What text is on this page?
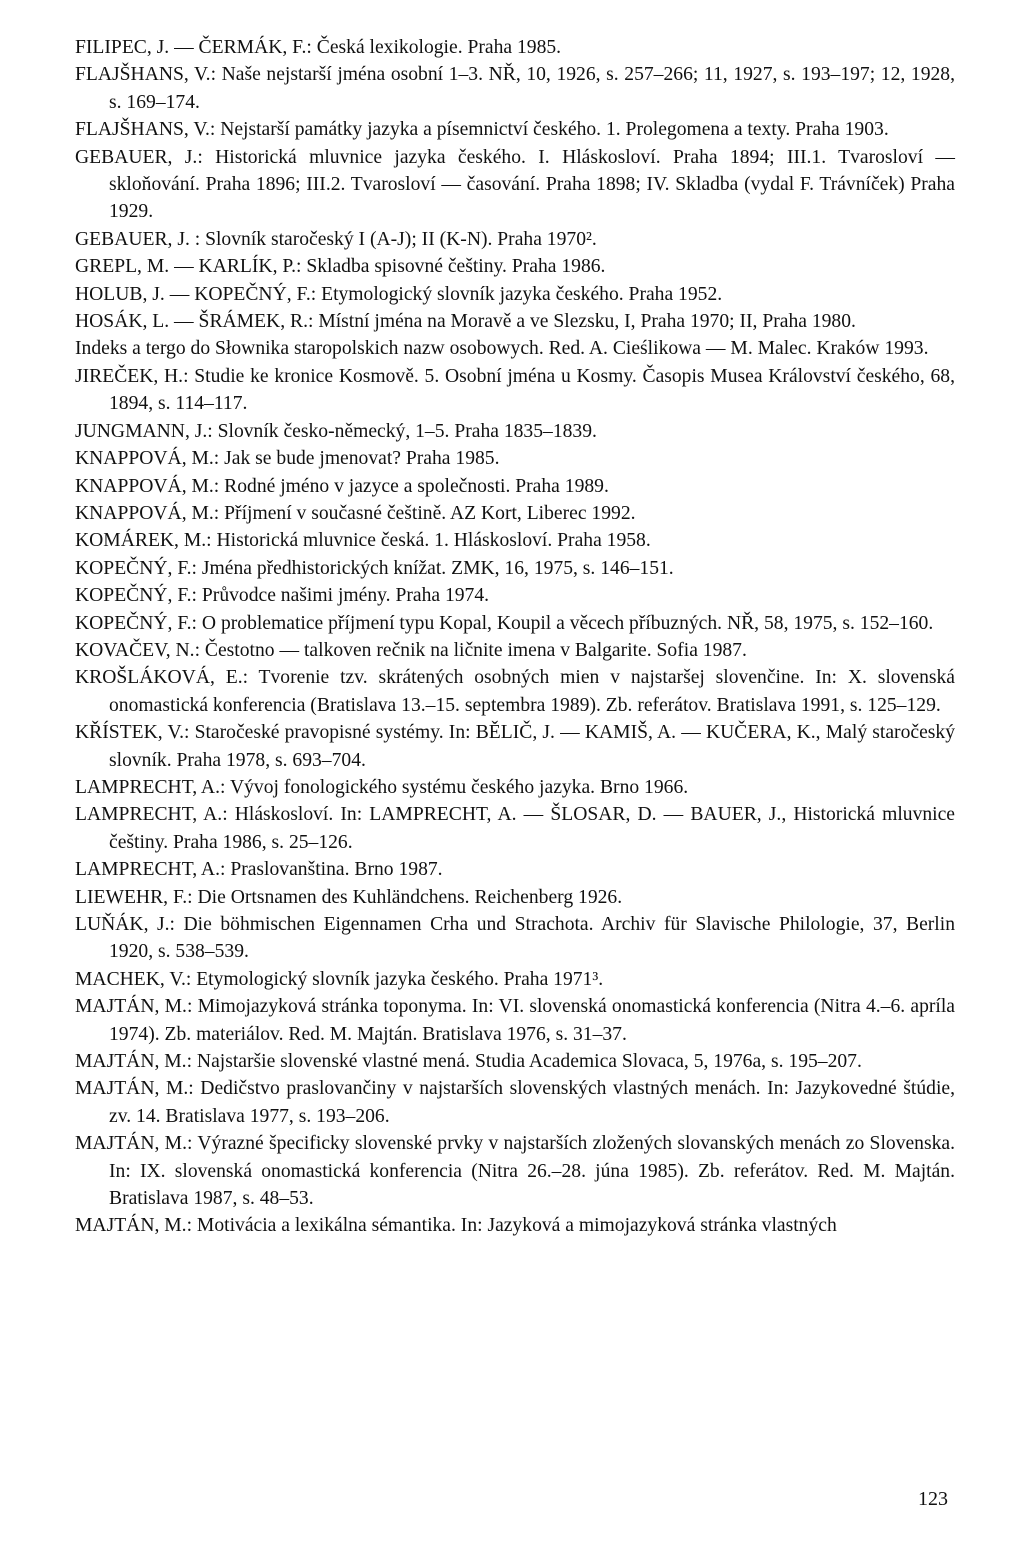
FILIPEC, J. — ČERMÁK, F.: Česká lexikologie. Praha 1985.

FLAJŠHANS, V.: Naše nejstarší jména osobní 1–3. NŘ, 10, 1926, s. 257–266; 11, 1927, s. 193–197; 12, 1928, s. 169–174.

FLAJŠHANS, V.: Nejstarší památky jazyka a písemnictví českého. 1. Prolegomena a texty. Praha 1903.

GEBAUER, J.: Historická mluvnice jazyka českého. I. Hláskosloví. Praha 1894; III.1. Tvarosloví — skloňování. Praha 1896; III.2. Tvarosloví — časování. Praha 1898; IV. Skladba (vydal F. Trávníček) Praha 1929.

GEBAUER, J. : Slovník staročeský I (A-J); II (K-N). Praha 1970².

GREPL, M. — KARLÍK, P.: Skladba spisovné češtiny. Praha 1986.

HOLUB, J. — KOPEČNÝ, F.: Etymologický slovník jazyka českého. Praha 1952.

HOSÁK, L. — ŠRÁMEK, R.: Místní jména na Moravě a ve Slezsku, I, Praha 1970; II, Praha 1980.

Indeks a tergo do Słownika staropolskich nazw osobowych. Red. A. Cieślikowa — M. Malec. Kraków 1993.

JIREČEK, H.: Studie ke kronice Kosmově. 5. Osobní jména u Kosmy. Časopis Musea Království českého, 68, 1894, s. 114–117.

JUNGMANN, J.: Slovník česko-německý, 1–5. Praha 1835–1839.

KNAPPOVÁ, M.: Jak se bude jmenovat? Praha 1985.

KNAPPOVÁ, M.: Rodné jméno v jazyce a společnosti. Praha 1989.

KNAPPOVÁ, M.: Příjmení v současné češtině. AZ Kort, Liberec 1992.

KOMÁREK, M.: Historická mluvnice česká. 1. Hláskosloví. Praha 1958.

KOPEČNÝ, F.: Jména předhistorických knížat. ZMK, 16, 1975, s. 146–151.

KOPEČNÝ, F.: Průvodce našimi jmény. Praha 1974.

KOPEČNÝ, F.: O problematice příjmení typu Kopal, Koupil a věcech příbuzných. NŘ, 58, 1975, s. 152–160.

KOVAČEV, N.: Čestotno — talkoven rečnik na ličnite imena v Balgarite. Sofia 1987.

KROŠLÁKOVÁ, E.: Tvorenie tzv. skrátených osobných mien v najstaršej slovenčine. In: X. slovenská onomastická konferencia (Bratislava 13.–15. septembra 1989). Zb. referátov. Bratislava 1991, s. 125–129.

KŘÍSTEK, V.: Staročeské pravopisné systémy. In: BĚLIČ, J. — KAMIŠ, A. — KUČERA, K., Malý staročeský slovník. Praha 1978, s. 693–704.

LAMPRECHT, A.: Vývoj fonologického systému českého jazyka. Brno 1966.

LAMPRECHT, A.: Hláskosloví. In: LAMPRECHT, A. — ŠLOSAR, D. — BAUER, J., Historická mluvnice češtiny. Praha 1986, s. 25–126.

LAMPRECHT, A.: Praslovanština. Brno 1987.

LIEWEHR, F.: Die Ortsnamen des Kuhländchens. Reichenberg 1926.

LUŇÁK, J.: Die böhmischen Eigennamen Crha und Strachota. Archiv für Slavische Philologie, 37, Berlin 1920, s. 538–539.

MACHEK, V.: Etymologický slovník jazyka českého. Praha 1971³.

MAJTÁN, M.: Mimojazyková stránka toponyma. In: VI. slovenská onomastická konferencia (Nitra 4.–6. apríla 1974). Zb. materiálov. Red. M. Majtán. Bratislava 1976, s. 31–37.

MAJTÁN, M.: Najstaršie slovenské vlastné mená. Studia Academica Slovaca, 5, 1976a, s. 195–207.

MAJTÁN, M.: Dedičstvo praslovančiny v najstarších slovenských vlastných menách. In: Jazykovedné štúdie, zv. 14. Bratislava 1977, s. 193–206.

MAJTÁN, M.: Výrazné špecificky slovenské prvky v najstarších zložených slovanských menách zo Slovenska. In: IX. slovenská onomastická konferencia (Nitra 26.–28. júna 1985). Zb. referátov. Red. M. Majtán. Bratislava 1987, s. 48–53.

MAJTÁN, M.: Motivácia a lexikálna sémantika. In: Jazyková a mimojazyková stránka vlastných

123
